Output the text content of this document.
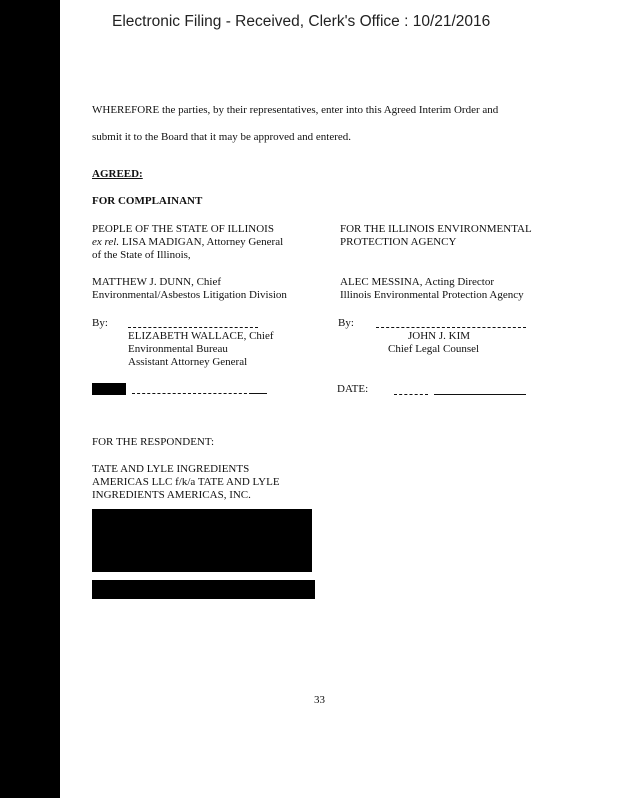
Electronic Filing - Received, Clerk's Office : 10/21/2016
WHEREFORE the parties, by their representatives, enter into this Agreed Interim Order and
submit it to the Board that it may be approved and entered.
AGREED:
FOR COMPLAINANT
PEOPLE OF THE STATE OF ILLINOIS
ex rel. LISA MADIGAN, Attorney General
of the State of Illinois,
MATTHEW J. DUNN, Chief
Environmental/Asbestos Litigation Division
By:
ELIZABETH WALLACE, Chief
Environmental Bureau
Assistant Attorney General
FOR THE ILLINOIS ENVIRONMENTAL
PROTECTION AGENCY
ALEC MESSINA, Acting Director
Illinois Environmental Protection Agency
By:
JOHN J. KIM
Chief Legal Counsel
DATE:
FOR THE RESPONDENT:
TATE AND LYLE INGREDIENTS
AMERICAS LLC f/k/a TATE AND LYLE
INGREDIENTS AMERICAS, INC.
33
